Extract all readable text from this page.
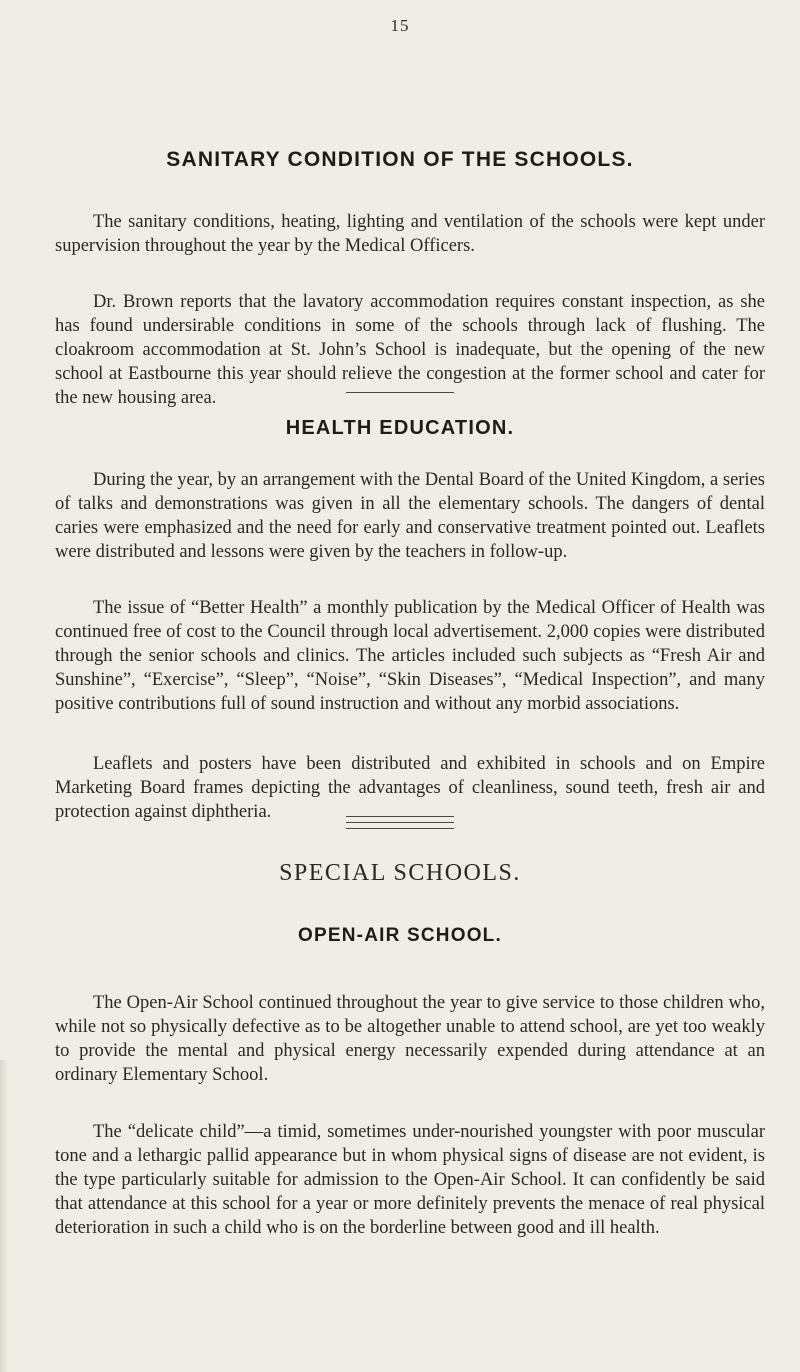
15
SANITARY CONDITION OF THE SCHOOLS.

The sanitary conditions, heating, lighting and ventilation of the schools were kept under supervision throughout the year by the Medical Officers.

Dr. Brown reports that the lavatory accommodation requires constant inspection, as she has found undersirable conditions in some of the schools through lack of flushing. The cloakroom accommodation at St. John’s School is inadequate, but the opening of the new school at Eastbourne this year should relieve the congestion at the former school and cater for the new housing area.

HEALTH EDUCATION.

During the year, by an arrangement with the Dental Board of the United Kingdom, a series of talks and demonstrations was given in all the elementary schools. The dangers of dental caries were emphasized and the need for early and conservative treatment pointed out. Leaflets were distributed and lessons were given by the teachers in follow-up.

The issue of “Better Health” a monthly publication by the Medical Officer of Health was continued free of cost to the Council through local advertisement. 2,000 copies were distributed through the senior schools and clinics. The articles included such subjects as “Fresh Air and Sunshine”, “Exercise”, “Sleep”, “Noise”, “Skin Diseases”, “Medical Inspection”, and many positive contributions full of sound instruction and without any morbid associations.

Leaflets and posters have been distributed and exhibited in schools and on Empire Marketing Board frames depicting the advantages of cleanliness, sound teeth, fresh air and protection against diphtheria.

SPECIAL SCHOOLS.
OPEN-AIR SCHOOL.

The Open-Air School continued throughout the year to give service to those children who, while not so physically defective as to be altogether unable to attend school, are yet too weakly to provide the mental and physical energy necessarily expended during attendance at an ordinary Elementary School.

The “delicate child”—a timid, sometimes under-nourished youngster with poor muscular tone and a lethargic pallid appearance but in whom physical signs of disease are not evident, is the type particularly suitable for admission to the Open-Air School. It can confidently be said that attendance at this school for a year or more definitely prevents the menace of real physical deterioration in such a child who is on the borderline between good and ill health.
